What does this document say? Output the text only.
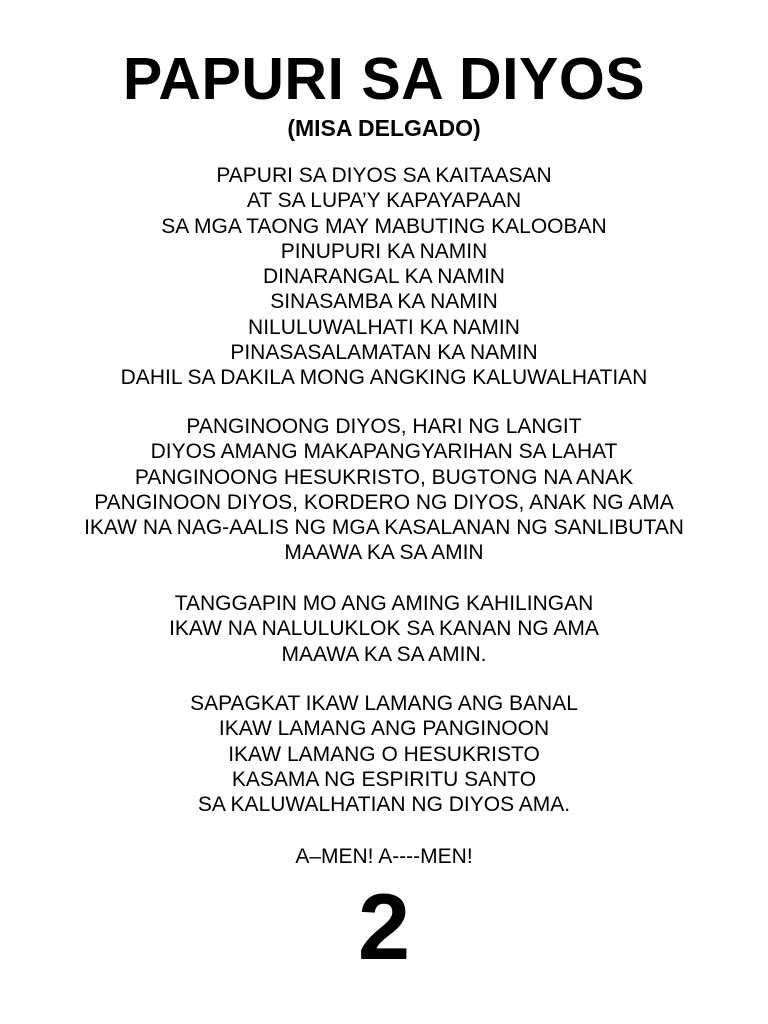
PAPURI SA DIYOS
(MISA DELGADO)
PAPURI SA DIYOS SA KAITAASAN
AT SA LUPA’Y KAPAYAPAAN
SA MGA TAONG MAY MABUTING KALOOBAN
PINUPURI KA NAMIN
DINARANGAL KA NAMIN
SINASAMBA KA NAMIN
NILULUWALHATI KA NAMIN
PINASASALAMATAN KA NAMIN
DAHIL SA DAKILA MONG ANGKING KALUWALHATIAN
PANGINOONG DIYOS, HARI NG LANGIT
DIYOS AMANG MAKAPANGYARIHAN SA LAHAT
PANGINOONG HESUKRISTO, BUGTONG NA ANAK
PANGINOON DIYOS, KORDERO NG DIYOS, ANAK NG AMA
IKAW NA NAG-AALIS NG MGA KASALANAN NG SANLIBUTAN
MAAWA KA SA AMIN
TANGGAPIN MO ANG AMING KAHILINGAN
IKAW NA NALULUKLOK SA KANAN NG AMA
MAAWA KA SA AMIN.
SAPAGKAT IKAW LAMANG ANG BANAL
IKAW LAMANG ANG PANGINOON
IKAW LAMANG O HESUKRISTO
KASAMA NG ESPIRITU SANTO
SA KALUWALHATIAN NG DIYOS AMA.
A–MEN! A----MEN!
2
